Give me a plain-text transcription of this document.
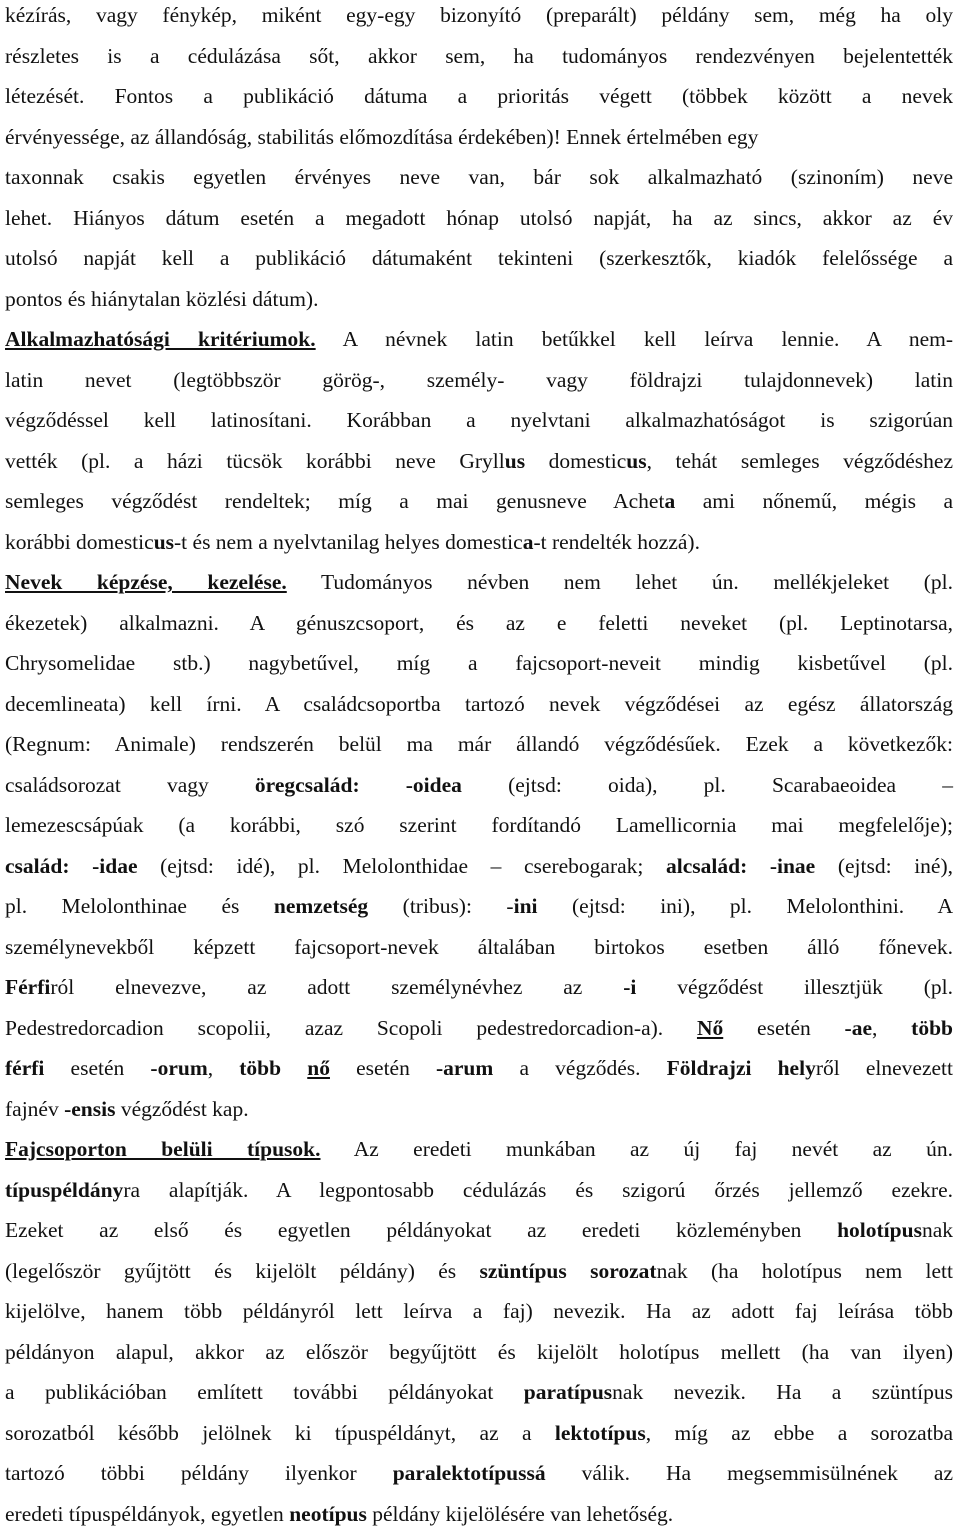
kézírás, vagy fénykép, miként egy-egy bizonyító (preparált) példány sem, még ha oly
részletes is a cédulázása sőt, akkor sem, ha tudományos rendezvényen bejelentették
létezését. Fontos a publikáció dátuma a prioritás végett (többek között a nevek
érvényessége, az állandóság, stabilitás előmozdítása érdekében)! Ennek értelmében egy
taxonnak csakis egyetlen érvényes neve van, bár sok alkalmazható (szinoním) neve
lehet. Hiányos dátum esetén a megadott hónap utolsó napját, ha az sincs, akkor az év
utolsó napját kell a publikáció dátumaként tekinteni (szerkesztők, kiadók felelőssége a
pontos és hiánytalan közlési dátum).
Alkalmazhatósági kritériumok. A névnek latin betűkkel kell leírva lennie. A nem-
latin nevet (legtöbbször görög-, személy- vagy földrajzi tulajdonnevek) latin
végződéssel kell latinosítani. Korábban a nyelvtani alkalmazhatóságot is szigorúan
vették (pl. a házi tücsök korábbi neve Gryllus domesticus, tehát semleges végződéshez
semleges végződést rendeltek; míg a mai genusneve Acheta ami nőnemű, mégis a
korábbi domesticus-t és nem a nyelvtanilag helyes domestica-t rendelték hozzá).
Nevek képzése, kezelése. Tudományos névben nem lehet ún. mellékjeleket (pl.
ékezetek) alkalmazni. A génuszcsoport, és az e feletti neveket (pl. Leptinotarsa,
Chrysomelidae stb.) nagybetűvel, míg a fajcsoport-neveit mindig kisbetűvel (pl.
decemlineata) kell írni. A családcsoportba tartozó nevek végződései az egész állatország
(Regnum: Animale) rendszerén belül ma már állandó végződésűek. Ezek a következők:
családsorozat vagy öregcsalád: -oidea (ejtsd: oida), pl. Scarabaeoidea –
lemezescsápúak (a korábbi, szó szerint fordítandó Lamellicornia mai megfelelője);
család: -idae (ejtsd: idé), pl. Melolonthidae – cserebogarak; alcsalád: -inae (ejtsd: iné),
pl. Melolonthinae és nemzetség (tribus): -ini (ejtsd: ini), pl. Melolonthini. A
személynevekből képzett fajcsoport-nevek általában birtokos esetben álló főnevek.
Férfiról elnevezve, az adott személynévhez az -i végződést illesztjük (pl.
Pedestredorcadion scopolii, azaz Scopoli pedestredorcadion-a). Nő esetén -ae, több
férfi esetén -orum, több nő esetén -arum a végződés. Földrajzi helyről elnevezett
fajnév -ensis végződést kap.
Fajcsoporton belüli típusok. Az eredeti munkában az új faj nevét az ún.
típuspéldányra alapítják. A legpontosabb cédulázás és szigorú őrzés jellemző ezekre.
Ezeket az első és egyetlen példányokat az eredeti közleményben holotípusnak
(legelőször gyűjtött és kijelölt példány) és szüntípus sorozatnak (ha holotípus nem lett
kijelölve, hanem több példányról lett leírva a faj) nevezik. Ha az adott faj leírása több
példányon alapul, akkor az először begyűjtött és kijelölt holotípus mellett (ha van ilyen)
a publikációban említett további példányokat paratípusnak nevezik. Ha a szüntípus
sorozatból később jelölnek ki típuspéldányt, az a lektotípus, míg az ebbe a sorozatba
tartozó többi példány ilyenkor paralektotípussá válik. Ha megsemmisülnének az
eredeti típuspéldányok, egyetlen neotípus példány kijelölésére van lehetőség.
